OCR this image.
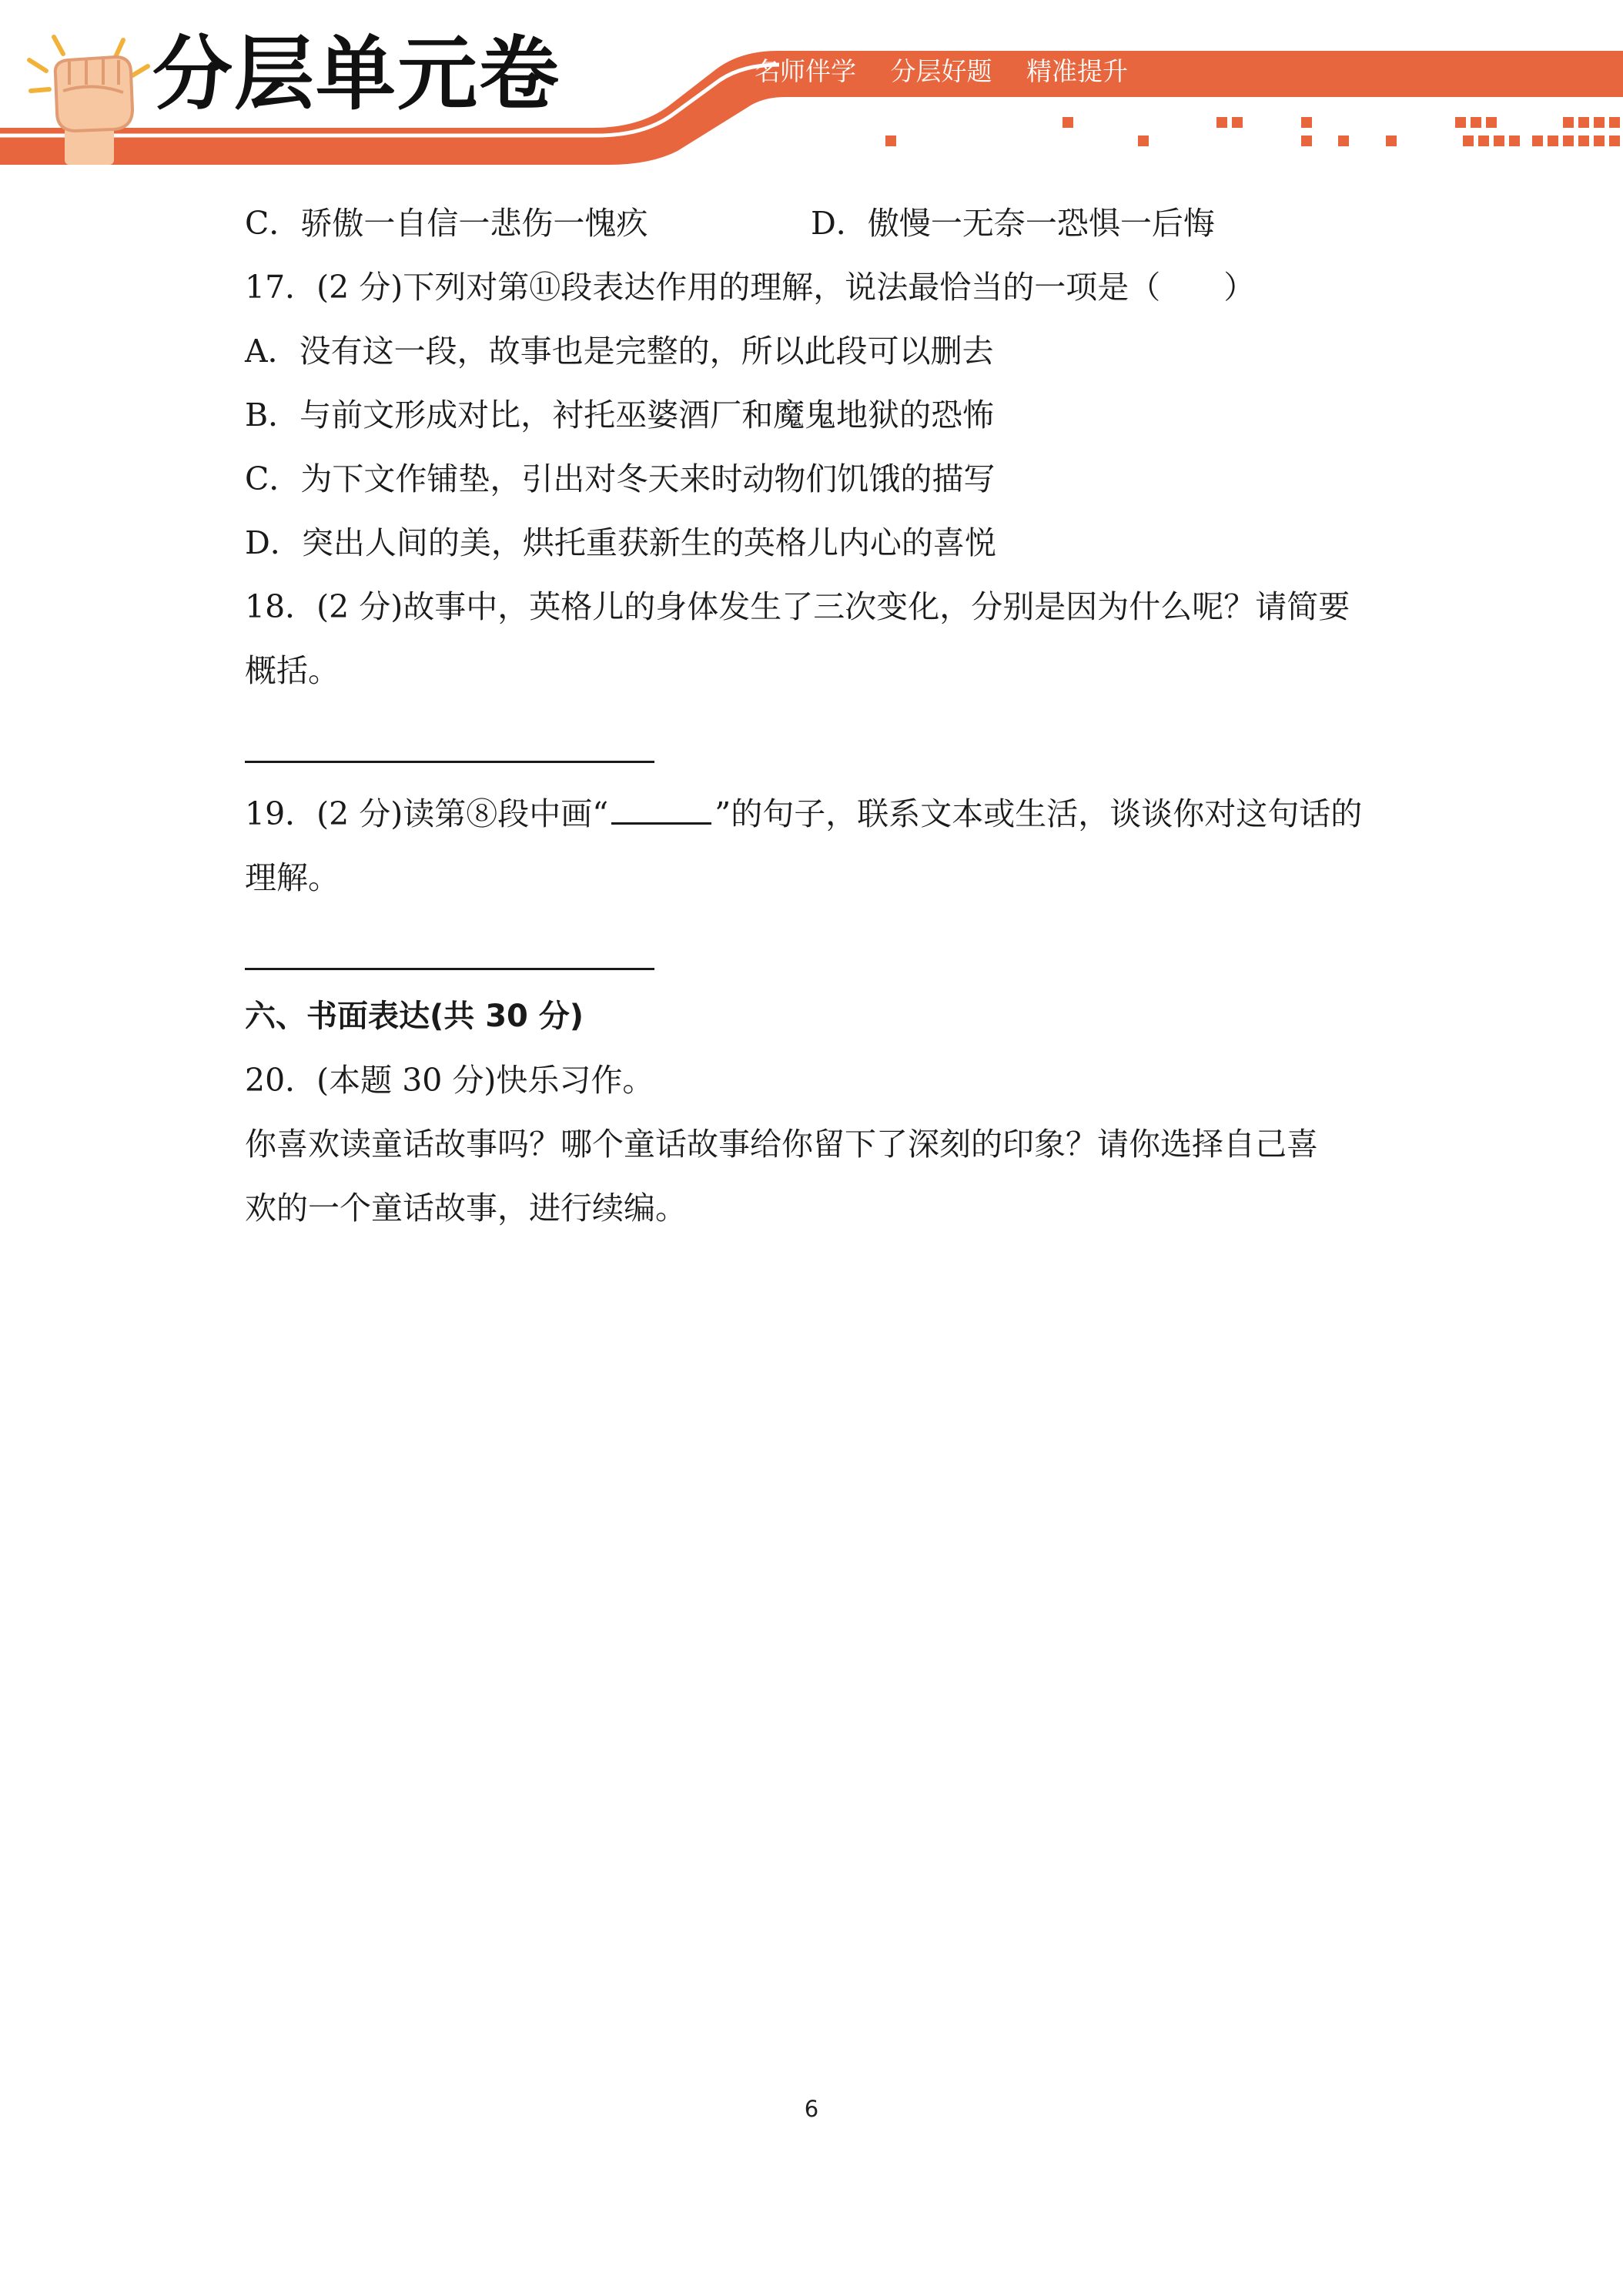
分层单元卷	名师伴学 分层好题 精准提升
C．骄傲一自信一悲伤一愧疚	D．傲慢一无奈一恐惧一后悔
17．(2 分)下列对第⑪段表达作用的理解，说法最恰当的一项是（　　）
A．没有这一段，故事也是完整的，所以此段可以删去
B．与前文形成对比，衬托巫婆酒厂和魔鬼地狱的恐怖
C．为下文作铺垫，引出对冬天来时动物们饥饿的描写
D．突出人间的美，烘托重获新生的英格儿内心的喜悦
18．(2 分)故事中，英格儿的身体发生了三次变化，分别是因为什么呢？请简要
概括。
19．(2 分)读第⑧段中画“	”的句子，联系文本或生活，谈谈你对这句话的
理解。
六、书面表达(共 30 分)
20．(本题 30 分)快乐习作。
你喜欢读童话故事吗？哪个童话故事给你留下了深刻的印象？请你选择自己喜
欢的一个童话故事，进行续编。
6
